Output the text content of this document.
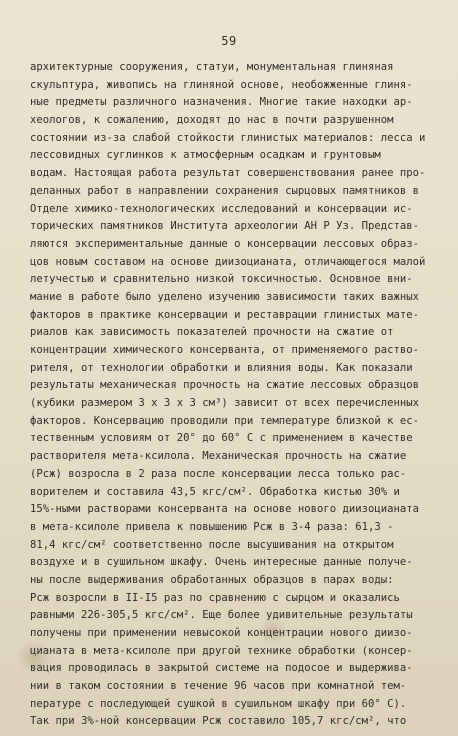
59
архитектурные сооружения, статуи, монументальная глиняная
скульптура, живопись на глиняной основе, необожженные глиня-
ные предметы различного назначения. Многие такие находки ар-
хеологов, к сожалению, доходят до нас в почти разрушенном
состоянии из-за слабой стойкости глинистых материалов: лесса и
лессовидных суглинков к атмосферным осадкам и грунтовым
водам. Настоящая работа результат совершенствования ранее про-
деланных работ в направлении сохранения сырцовых памятников в
Отделе химико-технологических исследований и консервации ис-
торических памятников Института археологии АН Р Уз. Представ-
ляются экспериментальные данные о консервации лессовых образ-
цов новым составом на основе диизоцианата, отличающегося малой
летучестью и сравнительно низкой токсичностью. Основное вни-
мание в работе было уделено изучению зависимости таких важных
факторов в практике консервации и реставрации глинистых мате-
риалов как зависимость показателей прочности на сжатие от
концентрации химического консерванта, от применяемого раство-
рителя, от технологии обработки и влияния воды. Как показали
результаты механическая прочность на сжатие лессовых образцов
(кубики размером 3 х 3 х 3 см³) зависит от всех перечисленных
факторов. Консервацию проводили при температуре близкой к ес-
тественным условиям от 20° до 60° С с применением в качестве
растворителя мета-ксилола. Механическая прочность на сжатие
(Рсж) возросла в 2 раза после консервации лесса только рас-
ворителем и составила 43,5 кгс/см². Обработка кистью 30% и
15%-ными растворами консерванта на основе нового диизоцианата
в мета-ксилоле привела к повышению Рсж в 3-4 раза: 61,3 -
81,4 кгс/см² соответственно после высушивания на открытом
воздухе и в сушильном шкафу. Очень интересные данные получе-
ны после выдерживания обработанных образцов в парах воды:
Рсж возросли в II-I5 раз по сравнению с сырцом и оказались
равными 226-305,5 кгс/см². Еще более удивительные результаты
получены при применении невысокой концентрации нового диизо-
цианата в мета-ксилоле при другой технике обработки (консер-
вация проводилась в закрытой системе на подосое и выдержива-
нии в таком состоянии в течение 96 часов при комнатной тем-
пературе с последующей сушкой в сушильном шкафу при 60° С).
Так при 3%-ной консервации Рсж составило 105,7 кгс/см², что
